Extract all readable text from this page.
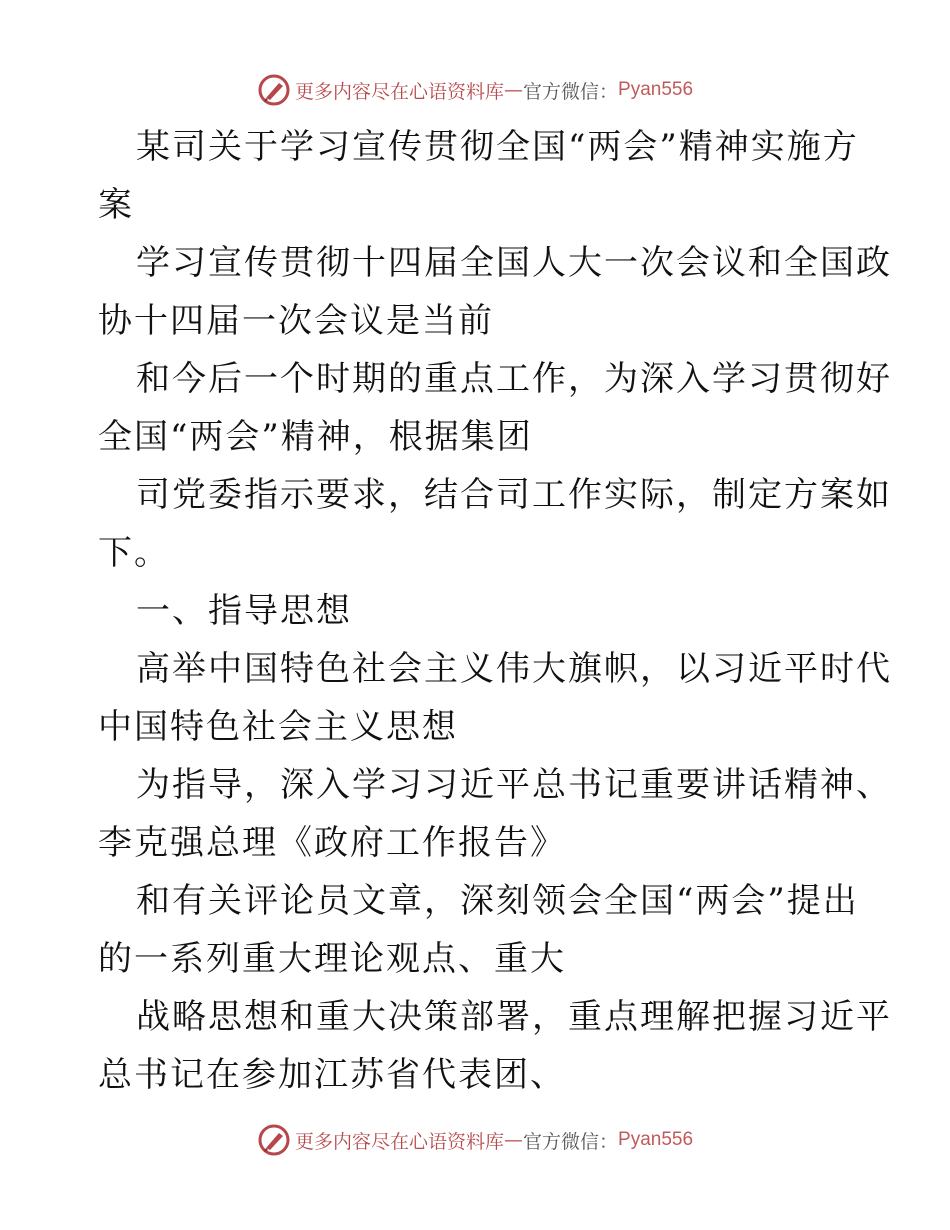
更多内容尽在心语资料库 — 官方微信 ： Pyan556

某司关于学习宣传贯彻全国“两会”精神实施方
案

学习宣传贯彻十四届全国人大一次会议和全国政
协十四届一次会议是当前

和今后一个时期的重点工作，为深入学习贯彻好
全国“两会”精神，根据集团

司党委指示要求，结合司工作实际，制定方案如
下。

一、指导思想

高举中国特色社会主义伟大旗帜，以习近平时代
中国特色社会主义思想

为指导，深入学习习近平总书记重要讲话精神、
李克强总理《政府工作报告》

和有关评论员文章，深刻领会全国“两会”提出
的一系列重大理论观点、重大

战略思想和重大决策部署，重点理解把握习近平
总书记在参加江苏省代表团、

更多内容尽在心语资料库 — 官方微信 ： Pyan556
